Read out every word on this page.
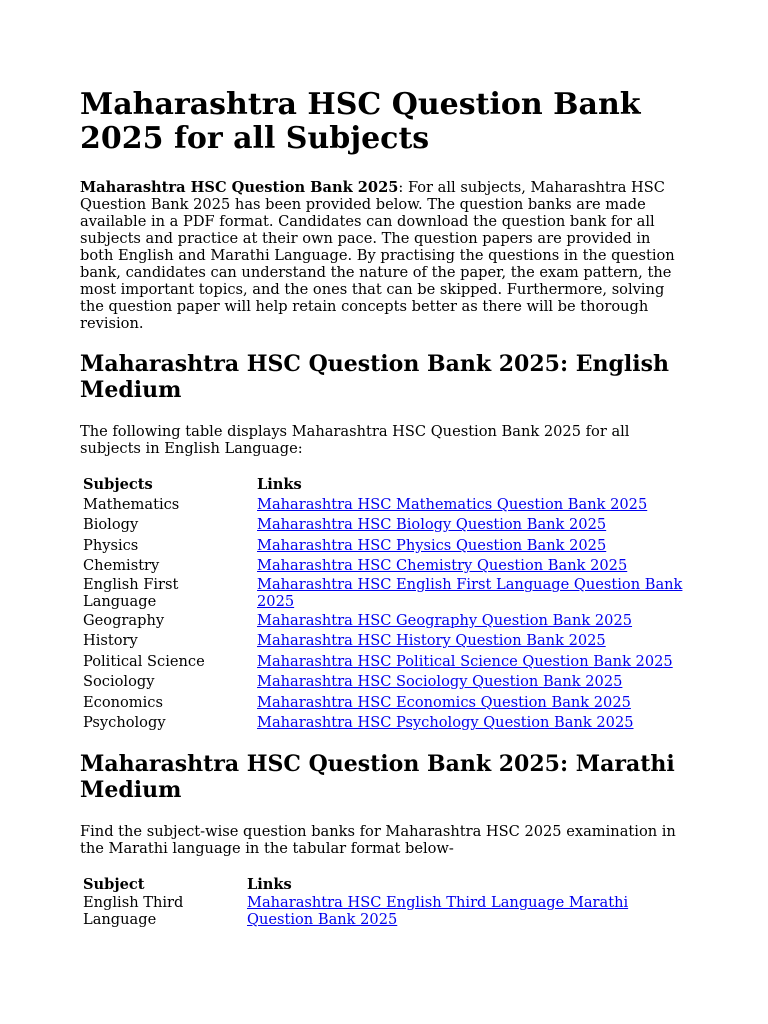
Maharashtra HSC Question Bank 2025 for all Subjects

Maharashtra HSC Question Bank 2025: For all subjects, Maharashtra HSC Question Bank 2025 has been provided below. The question banks are made available in a PDF format. Candidates can download the question bank for all subjects and practice at their own pace. The question papers are provided in both English and Marathi Language. By practising the questions in the question bank, candidates can understand the nature of the paper, the exam pattern, the most important topics, and the ones that can be skipped. Furthermore, solving the question paper will help retain concepts better as there will be thorough revision.

Maharashtra HSC Question Bank 2025: English Medium

The following table displays Maharashtra HSC Question Bank 2025 for all subjects in English Language:

Subjects	Links
Mathematics	Maharashtra HSC Mathematics Question Bank 2025
Biology	Maharashtra HSC Biology Question Bank 2025
Physics	Maharashtra HSC Physics Question Bank 2025
Chemistry	Maharashtra HSC Chemistry Question Bank 2025
English First Language	Maharashtra HSC English First Language Question Bank 2025
Geography	Maharashtra HSC Geography Question Bank 2025
History	Maharashtra HSC History Question Bank 2025
Political Science	Maharashtra HSC Political Science Question Bank 2025
Sociology	Maharashtra HSC Sociology Question Bank 2025
Economics	Maharashtra HSC Economics Question Bank 2025
Psychology	Maharashtra HSC Psychology Question Bank 2025
Maharashtra HSC Question Bank 2025: Marathi Medium

Find the subject-wise question banks for Maharashtra HSC 2025 examination in the Marathi language in the tabular format below-

Subject	Links
English Third Language	Maharashtra HSC English Third Language Marathi Question Bank 2025
